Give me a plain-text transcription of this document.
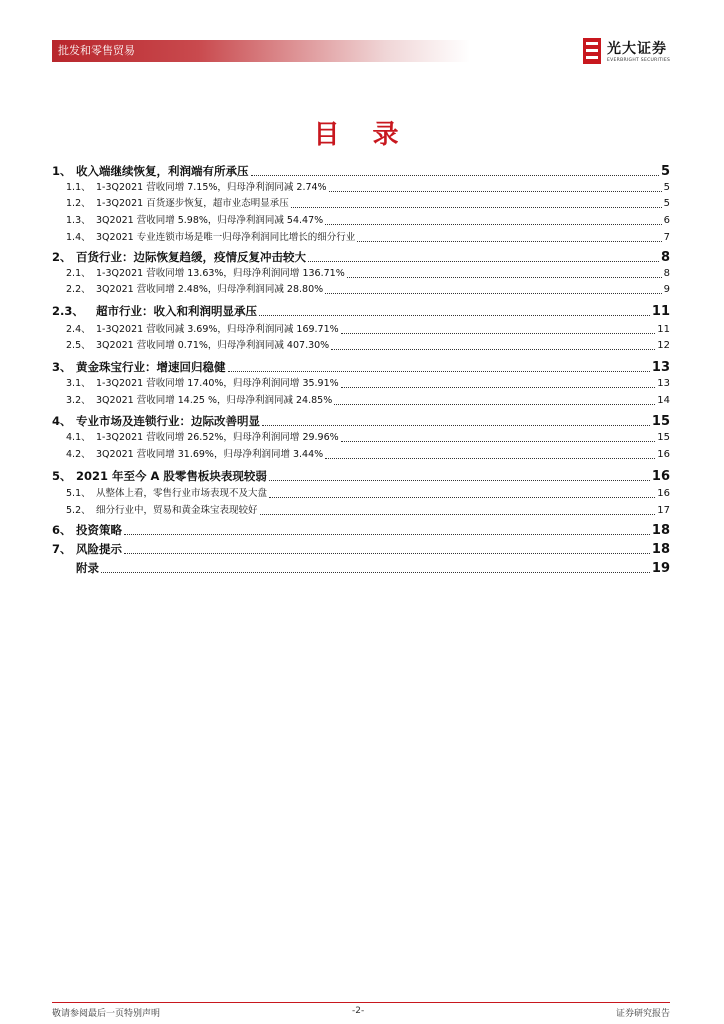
批发和零售贸易	光大证券
EVERBRIGHT SECURITIES
目 录
1、 收入端继续恢复，利润端有所承压	5
1.1、 1-3Q2021 营收同增 7.15%，归母净利润同减 2.74%	5
1.2、 1-3Q2021 百货逐步恢复，超市业态明显承压	5
1.3、 3Q2021 营收同增 5.98%，归母净利润同减 54.47%	6
1.4、 3Q2021 专业连锁市场是唯一归母净利润同比增长的细分行业	7
2、 百货行业：边际恢复趋缓，疫情反复冲击较大	8
2.1、 1-3Q2021 营收同增 13.63%，归母净利润同增 136.71%	8
2.2、 3Q2021 营收同增 2.48%，归母净利润同减 28.80%	9
2.3、 超市行业：收入和利润明显承压	11
2.4、 1-3Q2021 营收同减 3.69%，归母净利润同减 169.71%	11
2.5、 3Q2021 营收同增 0.71%，归母净利润同减 407.30%	12
3、 黄金珠宝行业：增速回归稳健	13
3.1、 1-3Q2021 营收同增 17.40%，归母净利润同增 35.91%	13
3.2、 3Q2021 营收同增 14.25 %，归母净利润同减 24.85%	14
4、 专业市场及连锁行业：边际改善明显	15
4.1、 1-3Q2021 营收同增 26.52%，归母净利润同增 29.96%	15
4.2、 3Q2021 营收同增 31.69%，归母净利润同增 3.44%	16
5、 2021 年至今 A 股零售板块表现较弱	16
5.1、 从整体上看，零售行业市场表现不及大盘	16
5.2、 细分行业中，贸易和黄金珠宝表现较好	17
6、 投资策略	18
7、 风险提示	18
附录	19
敬请参阅最后一页特别声明	-2-	证券研究报告
